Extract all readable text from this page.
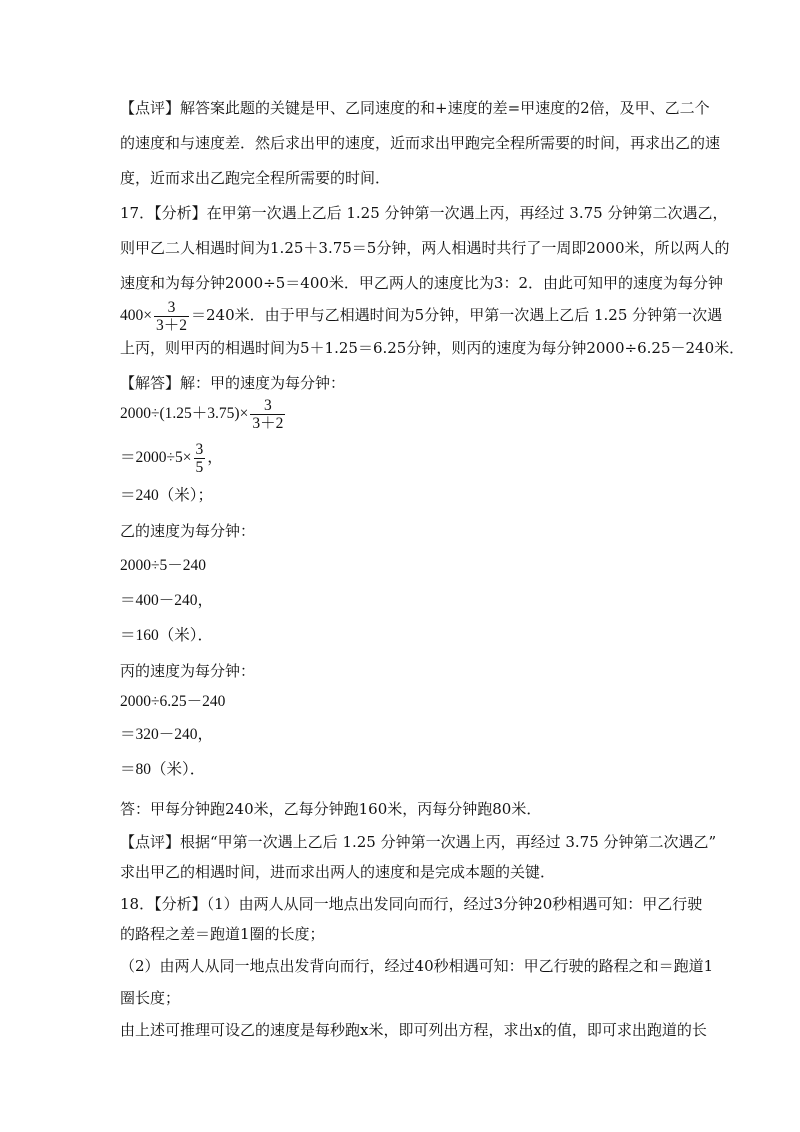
【点评】解答案此题的关键是甲、乙同速度的和+速度的差=甲速度的2倍，及甲、乙二个
的速度和与速度差．然后求出甲的速度，近而求出甲跑完全程所需要的时间，再求出乙的速
度，近而求出乙跑完全程所需要的时间．
17．【分析】在甲第一次遇上乙后 1.25 分钟第一次遇上丙，再经过 3.75 分钟第二次遇乙，
则甲乙二人相遇时间为1.25＋3.75＝5分钟，两人相遇时共行了一周即2000米，所以两人的
速度和为每分钟2000÷5＝400米．甲乙两人的速度比为3：2．由此可知甲的速度为每分钟
$400\times \frac{3}{3+2} =240$米．由于甲与乙相遇时间为5分钟，甲第一次遇上乙后 1.25 分钟第一次遇
上丙，则甲丙的相遇时间为5＋1.25＝6.25分钟，则丙的速度为每分钟2000÷6.25－240米．
【解答】解：甲的速度为每分钟：
$2000\div(1.25+3.75)\times \frac{3}{3+2}$
$=2000\div 5\times \frac{3}{5}$ ，
＝240（米）；
乙的速度为每分钟：
2000÷5－240
＝400－240，
＝160（米）．
丙的速度为每分钟：
2000÷6.25－240
＝320－240，
＝80（米）．
答：甲每分钟跑240米，乙每分钟跑160米，丙每分钟跑80米．
【点评】根据“甲第一次遇上乙后 1.25 分钟第一次遇上丙，再经过 3.75 分钟第二次遇乙”
求出甲乙的相遇时间，进而求出两人的速度和是完成本题的关键．
18．【分析】（1）由两人从同一地点出发同向而行，经过3分钟20秒相遇可知：甲乙行驶
的路程之差＝跑道1圈的长度；
（2）由两人从同一地点出发背向而行，经过40秒相遇可知：甲乙行驶的路程之和＝跑道1
圈长度；
由上述可推理可设乙的速度是每秒跑x米，即可列出方程，求出x的值，即可求出跑道的长
